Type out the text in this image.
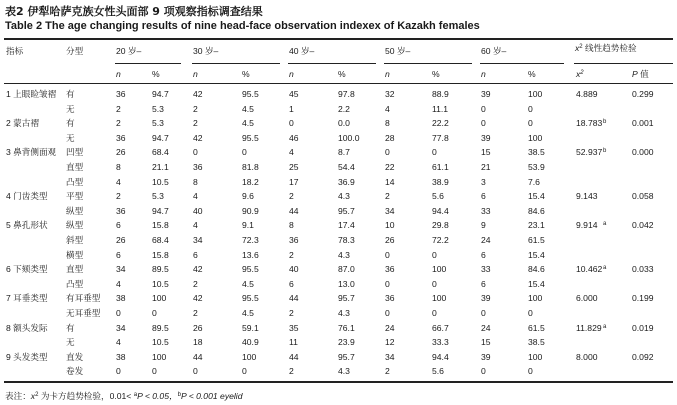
表2 伊犁哈萨克族女性头面部 9 项观察指标调查结果
Table 2 The age changing results of nine head-face observation indexex of Kazakh females
指标	分型	20 岁–	30 岁–	40 岁–	50 岁–	60 岁–	$x^2$ 线性趋势检验
n	%	n	%	n	%	n	%	n	%	$x^2$	P 值
1 上眼睑皱褶 有	36	94.7	42	95.5	45	97.8	32	88.9	39	100	4.889	0.299
无	2	5.3	2	4.5	1	2.2	4	11.1	0	0
2 蒙古褶	有	2	5.3	2	4.5	0	0.0	8	22.2	0	0	18.783 $^b$	0.001
无	36	94.7	42	95.5	46	100.0	28	77.8	39	100
3 鼻背侧面观 凹型	26	68.4	0	0	4	8.7	0	0	15	38.5	52.937 $^b$	0.000
直型	8	21.1	36	81.8	25	54.4	22	61.1	21	53.9
凸型	4	10.5	8	18.2	17	36.9	14	38.9	3	7.6
4 门齿类型 平型	2	5.3	4	9.6	2	4.3	2	5.6	6	15.4	9.143	0.058
纵型	36	94.7	40	90.9	44	95.7	34	94.4	33	84.6
5 鼻孔形状 纵型	6	15.8	4	9.1	8	17.4	10	29.8	9	23.1	9.914 $^a$	0.042
斜型	26	68.4	34	72.3	36	78.3	26	72.2	24	61.5
横型	6	15.8	6	13.6	2	4.3	0	0	6	15.4
6 下颏类型 直型	34	89.5	42	95.5	40	87.0	36	100	33	84.6	10.462 $^a$	0.033
凸型	4	10.5	2	4.5	6	13.0	0	0	6	15.4
7 耳垂类型 有耳垂型 38	100	42	95.5	44	95.7	36	100	39	100	6.000	0.199
无耳垂型 0	0	2	4.5	2	4.3	0	0	0	0
8 额头发际 有	34	89.5	26	59.1	35	76.1	24	66.7	24	61.5	11.829 $^a$	0.019
无	4	10.5	18	40.9	11	23.9	12	33.3	15	38.5
9 头发类型 直发	38	100	44	100	44	95.7	34	94.4	39	100	8.000	0.092
卷发	0	0	0	0	2	4.3	2	5.6	0	0
表注：$x^2$ 为卡方趋势检验，0.01< $^a$P < 0.05，$^b$P < 0.001 eyelid
